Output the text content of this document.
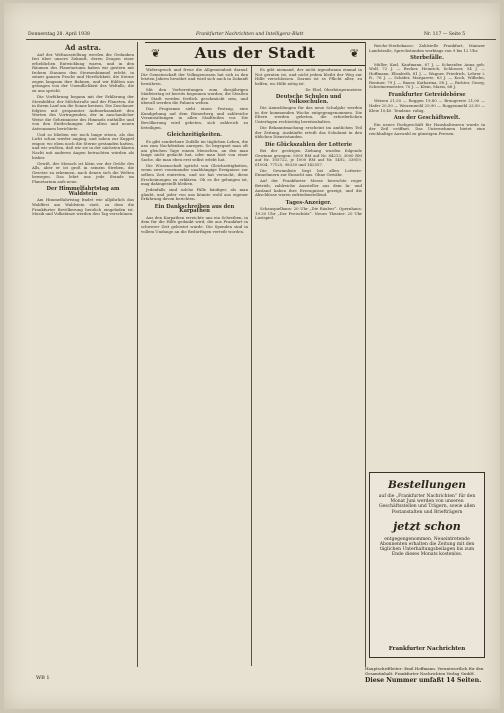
Donnerstag 28. April 1938	Frankfurter Nachrichten und Intelligenz-Blatt	Nr. 117 — Seite 5
❦	Aus der Stadt	❦
Ad astra.

Auf der Weltausstellung werden die Gedanken frei über unsere Zukunft, deren Zeugen einer erheblichen Entwicklung waren, und in den Räumen des Planetariums haben wir gestern mit frohem Staunen den Sternenhimmel erlebt, in seiner ganzen Pracht und Herrlichkeit; die Sterne zogen langsam ihre Bahnen, und wir fühlten uns getragen von der Unendlichkeit des Weltalls, die zu uns spricht.

Die Vorführung begann mit der Erklärung der Sternbilder, der Milchstraße und der Planeten, die in ihrem Lauf um die Sonne kreisen. Die Zuschauer folgten mit gespannter Aufmerksamkeit den Worten des Vortragenden, der in anschaulicher Weise die Geheimnisse des Himmels enthüllte und von den Entdeckungen der alten und neuen Astronomen berichtete.

Und so blieben wir noch lange sitzen, als das Licht schon wieder anging, und sahen zur Kuppel empor, wo eben noch die Sterne gestanden hatten, und wir wußten, daß wir sie in der nächsten klaren Nacht mit anderen Augen betrachten würden als bisher.

Gewiß, der Mensch ist klein vor der Größe des Alls, aber er ist groß in seinem Streben, die Gesetze zu erkennen, nach denen sich die Welten bewegen. Das lehrt uns jede Stunde im Planetarium aufs neue.

Der Himmelfahrtstag am Waldstein

Am Himmelfahrtstag findet wie alljährlich das Waldfest am Waldstein statt, zu dem die Frankfurter Bevölkerung herzlich eingeladen ist. Musik und Volkstänze werden den Tag verschönen.

Widerspruch und freue die Allgemeinheit darauf. Die Gemeinschaft der Volksgenossen hat sich in den letzten Jahren bewährt und wird sich auch in Zukunft bewähren.

Mit den Vorbereitungen zum diesjährigen Maifeiertag ist bereits begonnen worden; die Straßen der Stadt werden festlich geschmückt sein, und überall werden die Fahnen wehen.

Das Programm sieht einen Festzug, eine Kundgebung auf dem Römerberg und zahlreiche Veranstaltungen in allen Stadtteilen vor. Die Bevölkerung wird gebeten, sich zahlreich zu beteiligen.

Gleichzeitigkeiten.

Es gibt sonderbare Zufälle im täglichen Leben, die uns zum Nachdenken anregen. So begegnet man oft am gleichen Tage einem Menschen, an den man lange nicht gedacht hat, oder man hört von einer Sache, die man eben erst selbst erlebt hat.

Die Wissenschaft spricht von Gleichzeitigkeiten, wenn zwei voneinander unabhängige Ereignisse zur selben Zeit eintreten, und sie hat versucht, diese Erscheinungen zu erklären. Ob es ihr gelungen ist, mag dahingestellt bleiben.

Jedenfalls sind solche Fälle häufiger, als man glaubt, und jeder von uns könnte wohl aus eigener Erfahrung davon berichten.

Ein Dankschreiben aus den Karpathen

Aus den Karpathen erreichte uns ein Schreiben, in dem für die Hilfe gedankt wird, die aus Frankfurt in schwerer Zeit geleistet wurde. Die Spenden sind in vollem Umfange an die Bedürftigen verteilt worden.

Es gibt niemand, der nicht irgendwann einmal in Not geraten ist, und nicht jedem bleibt der Weg zur Hilfe verschlossen. Darum ist es Pflicht aller, zu helfen, wo Hilfe nötig ist.

Dr. Ebel, Oberbürgermeister

Deutsche Schulen und Volksschulen.

Die Anmeldungen für das neue Schuljahr werden in der kommenden Woche entgegengenommen. Die Eltern werden gebeten, die erforderlichen Unterlagen rechtzeitig bereitzuhalten.

Die Bekanntmachung erscheint im amtlichen Teil der Zeitung. Auskünfte erteilt das Schulamt in den üblichen Dienststunden.

Die Glückszahlen der Lotterie

Bei der gestrigen Ziehung wurden folgende Gewinne gezogen: 5000 RM auf Nr. 84213, 3000 RM auf Nr. 105722, je 1000 RM auf Nr. 1492, 33819, 61004, 77125, 98330 und 142557.

Die Gewinnliste liegt bei allen Lotterie-Einnehmern zur Einsicht aus. Ohne Gewähr.

Auf der Frankfurter Messe herrschte reger Betrieb; zahlreiche Aussteller aus dem In- und Ausland haben ihre Erzeugnisse gezeigt, und die Abschlüsse waren zufriedenstellend.

Tages-Anzeiger.

Schauspielhaus: 20 Uhr „Die Räuber“. Opernhaus: 19.30 Uhr „Der Freischütz“. Neues Theater: 20 Uhr Lustspiel.

Reichs-Sterbekasse: Zahlstelle Frankfurt, Mainzer Landstraße, Sprechstunden werktags von 9 bis 12 Uhr.

Sterbefälle.

Müller, Karl, Kaufmann, 67 J. — Schneider, Anna geb. Wolf, 72 J. — Becker, Heinrich, Schlosser, 54 J. — Hoffmann, Elisabeth, 81 J. — Wagner, Friedrich, Lehrer i. R., 76 J. — Schäfer, Margarete, 63 J. — Koch, Wilhelm, Rentner, 79 J. — Bauer, Katharina, 58 J. — Richter, Georg, Schreinermeister, 70 J. — Klein, Maria, 66 J.

Frankfurter Getreidebörse

Weizen 21,50 — Roggen 19,80 — Braugerste 21,00 — Hafer 20,50 — Weizenmehl 29,90 — Roggenmehl 23,50 — Kleie 10,40. Tendenz: ruhig.

Aus der Geschäftswelt.

Ein neues Fachgeschäft für Haushaltwaren wurde in der Zeil eröffnet. Das Unternehmen bietet eine reichhaltige Auswahl zu günstigen Preisen.

Bestellungen
auf die „Frankfurter Nachrichten“ für den Monat Juni werden von unseren Geschäftsstellen und Trägern, sowie allen Postanstalten und Briefträgern
jetzt schon
entgegengenommen. Neueintretende Abonnenten erhalten die Zeitung mit den täglichen Unterhaltungsbeilagen bis zum Ende dieses Monats kostenlos.
Frankfurter Nachrichten
Hauptschriftleiter: Emil Hoffmann. Verantwortlich für den Gesamtinhalt: Frankfurter Nachrichten Verlag GmbH.
Diese Nummer umfaßt 14 Seiten.
WB 1
